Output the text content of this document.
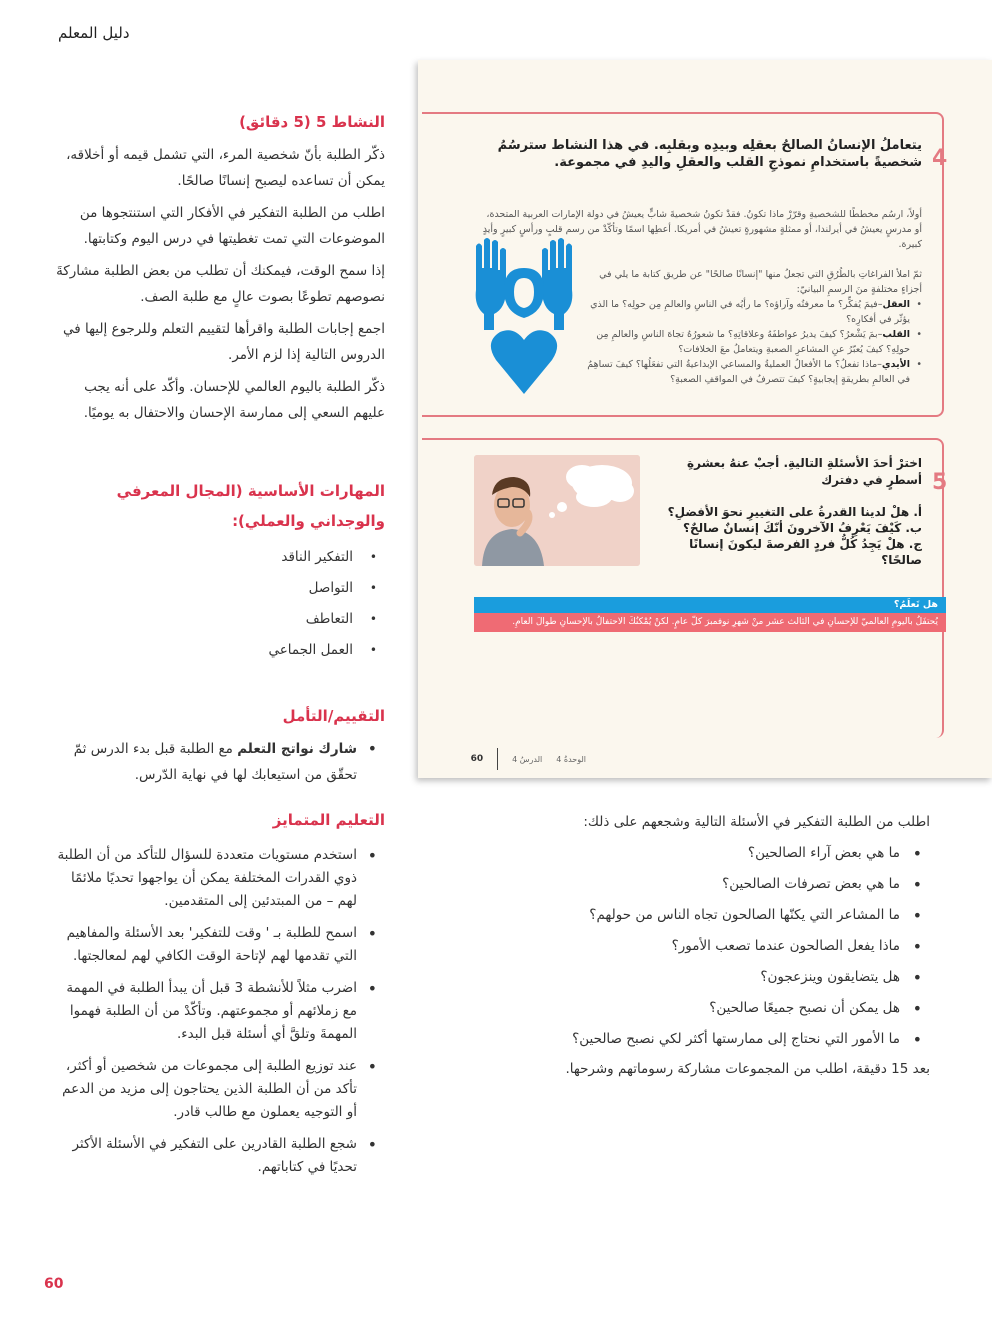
دليل المعلم
النشاط 5 (5 دقائق)

ذكّر الطلبة بأنّ شخصية المرء، التي تشمل قيمه أو أخلاقه، يمكن أن تساعده ليصبح إنسانًا صالحًا.

اطلب من الطلبة التفكير في الأفكار التي استنتجوها من الموضوعات التي تمت تغطيتها في درس اليوم وكتابتها.

إذا سمح الوقت، فيمكنك أن تطلب من بعض الطلبة مشاركةَ نصوصهم تطوعًا بصوت عالٍ مع طلبة الصف.

اجمع إجابات الطلبة واقرأها لتقييم التعلم وللرجوع إليها في الدروس التالية إذا لزم الأمر.

ذكّر الطلبة باليوم العالمي للإحسان. وأكّد على أنه يجب عليهم السعي إلى ممارسة الإحسان والاحتفال به يوميًا.

المهارات الأساسية (المجال المعرفي والوجداني والعملي):
•
التفكير الناقد
•
التواصل
•
التعاطف
•
العمل الجماعي
التقييم/التأمل
•
شارك نواتج التعلم مع الطلبة قبل بدء الدرس ثمّ تحقّق من استيعابك لها في نهاية الدّرس.
التعليم المتمايز
•
استخدم مستويات متعددة للسؤال للتأكد من أن الطلبة ذوي القدرات المختلفة يمكن أن يواجهوا تحديًا ملائمًا لهم – من المبتدئين إلى المتقدمين.
•
اسمح للطلبة بـ ' وقت للتفكير' بعد الأسئلة والمفاهيم التي تقدمها لهم لإتاحة الوقت الكافي لهم لمعالجتها.
•
اضرب مثلاً للأنشطة 3 قبل أن يبدأ الطلبة في المهمة مع زملائهم أو مجموعتهم. وتأكّدْ من أن الطلبة فهموا المهمةَ وتلقَّ أي أسئلة قبل البدء.
•
عند توزيع الطلبة إلى مجموعات من شخصين أو أكثر، تأكد من أن الطلبة الذين يحتاجون إلى مزيد من الدعم أو التوجيه يعملون مع طالب قادر.
•
شجع الطلبة القادرين على التفكير في الأسئلة الأكثر تحديًا في كتاباتهم.
4
يتعاملُ الإنسانُ الصالحُ بعقلِه وبيدِه وبقلبِه. في هذا النشاط سترسُمُ شخصيةً باستخدامِ نموذجِ القلب والعقلِ واليدِ في مجموعة.
أولاً، ارسُم مخططًا للشخصيةِ وقرّرْ ماذا تكونُ. فقدْ تكونُ شخصيةَ شابٍّ يعيشُ في دولة الإمارات العربية المتحدة، أو مدرسٍ يعيشُ في أيرلندا، أو ممثلةٍ مشهورةٍ تعيشُ في أمريكا. أعطِها اسمًا وتأكّدْ من رسم قلبٍ ورأسٍ كبيرٍ وأيدٍ كبيرة.
ثمّ املأ الفراغاتِ بالطُرُقِ التي تجعلُ منها "إنسانًا صالحًا" عن طريق كتابة ما يلي في أجزاءٍ مختلفةٍ منَ الرسمِ البيانيّ:
•
العقل–فيمَ يُفكِّر؟ ما معرفتُه وآراؤه؟ ما رأيُه في الناسِ والعالمِ مِن حولِه؟ ما الذي يؤثّر في أفكارِه؟
•
القلب–بمَ يَشْعرُ؟ كيفَ يديرُ عواطفَهُ وعلاقاتِهِ؟ ما شعورُهُ تجاهَ الناسِ والعالمِ مِن حولِهِ؟ كيفَ يُعبّرُ عنِ المشاعرِ الصعبةِ ويتعاملُ معَ الخلافات؟
•
الأيدي–ماذا تفعلُ؟ ما الأفعالُ العمليةُ والمساعي الإبداعيةُ التي تفعَلُها؟ كيفَ تساهِمُ في العالمِ بطريقةٍ إيجابيةٍ؟ كيفَ تتصرفُ في المواقفِ الصعبةِ؟
5
اخترْ أحدَ الأسئلةِ التاليةِ. أجبْ عنهُ بعشرةِ أسطرٍ في دفترك
أ. هلْ لدينا القدرةُ على التغييرِ نحوَ الأفضلِ؟
ب. كَيْفَ يَعْرِفُ الآخرونَ أنّكَ إنسانٌ صالحٌ؟
ج. هلْ يَجِدُ كُلُّ فردٍ الفرصةَ ليكونَ إنسانًا صالحًا؟
هل تَعلَمُ؟
يُحتفَلُ باليومِ العالميّ للإحسانِ في الثالث عشر منْ شهرِ نوفمبرَ كلّ عامٍ. لكنْ يُمْكنُكَ الاحتفالُ بالإحسانِ طوالَ العامِ.
60	الدرسُ 4 الوحدةُ 4
اطلب من الطلبة التفكير في الأسئلة التالية وشجعهم على ذلك:
•
ما هي بعض آراء الصالحين؟
•
ما هي بعض تصرفات الصالحين؟
•
ما المشاعر التي يكنّها الصالحون تجاه الناس من حولهم؟
•
ماذا يفعل الصالحون عندما تصعب الأمور؟
•
هل يتضايقون وينزعجون؟
•
هل يمكن أن نصبح جميعًا صالحين؟
•
ما الأمور التي نحتاج إلى ممارستها أكثر لكي نصبح صالحين؟
بعد 15 دقيقة، اطلب من المجموعات مشاركة رسوماتهم وشرحها.
60
